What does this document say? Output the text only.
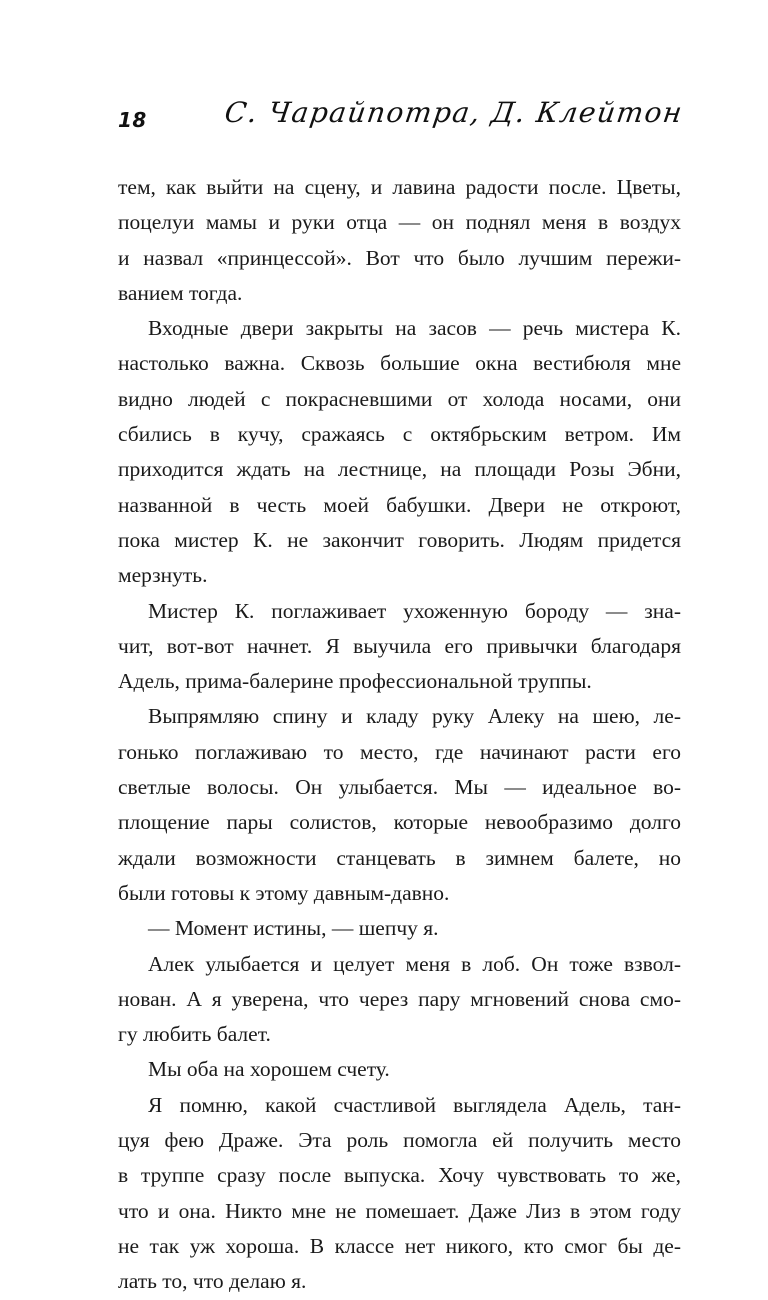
18	С. Чарайпотра, Д. Клейтон
тем, как выйти на сцену, и лавина радости после. Цветы,
поцелуи мамы и руки отца — он поднял меня в воздух
и назвал «принцессой». Вот что было лучшим пережи-
ванием тогда.
Входные двери закрыты на засов — речь мистера К.
настолько важна. Сквозь большие окна вестибюля мне
видно людей с покрасневшими от холода носами, они
сбились в кучу, сражаясь с октябрьским ветром. Им
приходится ждать на лестнице, на площади Розы Эбни,
названной в честь моей бабушки. Двери не откроют,
пока мистер К. не закончит говорить. Людям придется
мерзнуть.
Мистер К. поглаживает ухоженную бороду — зна-
чит, вот-вот начнет. Я выучила его привычки благодаря
Адель, прима-балерине профессиональной труппы.
Выпрямляю спину и кладу руку Алеку на шею, ле-
гонько поглаживаю то место, где начинают расти его
светлые волосы. Он улыбается. Мы — идеальное во-
площение пары солистов, которые невообразимо долго
ждали возможности станцевать в зимнем балете, но
были готовы к этому давным-давно.
— Момент истины, — шепчу я.
Алек улыбается и целует меня в лоб. Он тоже взвол-
нован. А я уверена, что через пару мгновений снова смо-
гу любить балет.
Мы оба на хорошем счету.
Я помню, какой счастливой выглядела Адель, тан-
цуя фею Драже. Эта роль помогла ей получить место
в труппе сразу после выпуска. Хочу чувствовать то же,
что и она. Никто мне не помешает. Даже Лиз в этом году
не так уж хороша. В классе нет никого, кто смог бы де-
лать то, что делаю я.
